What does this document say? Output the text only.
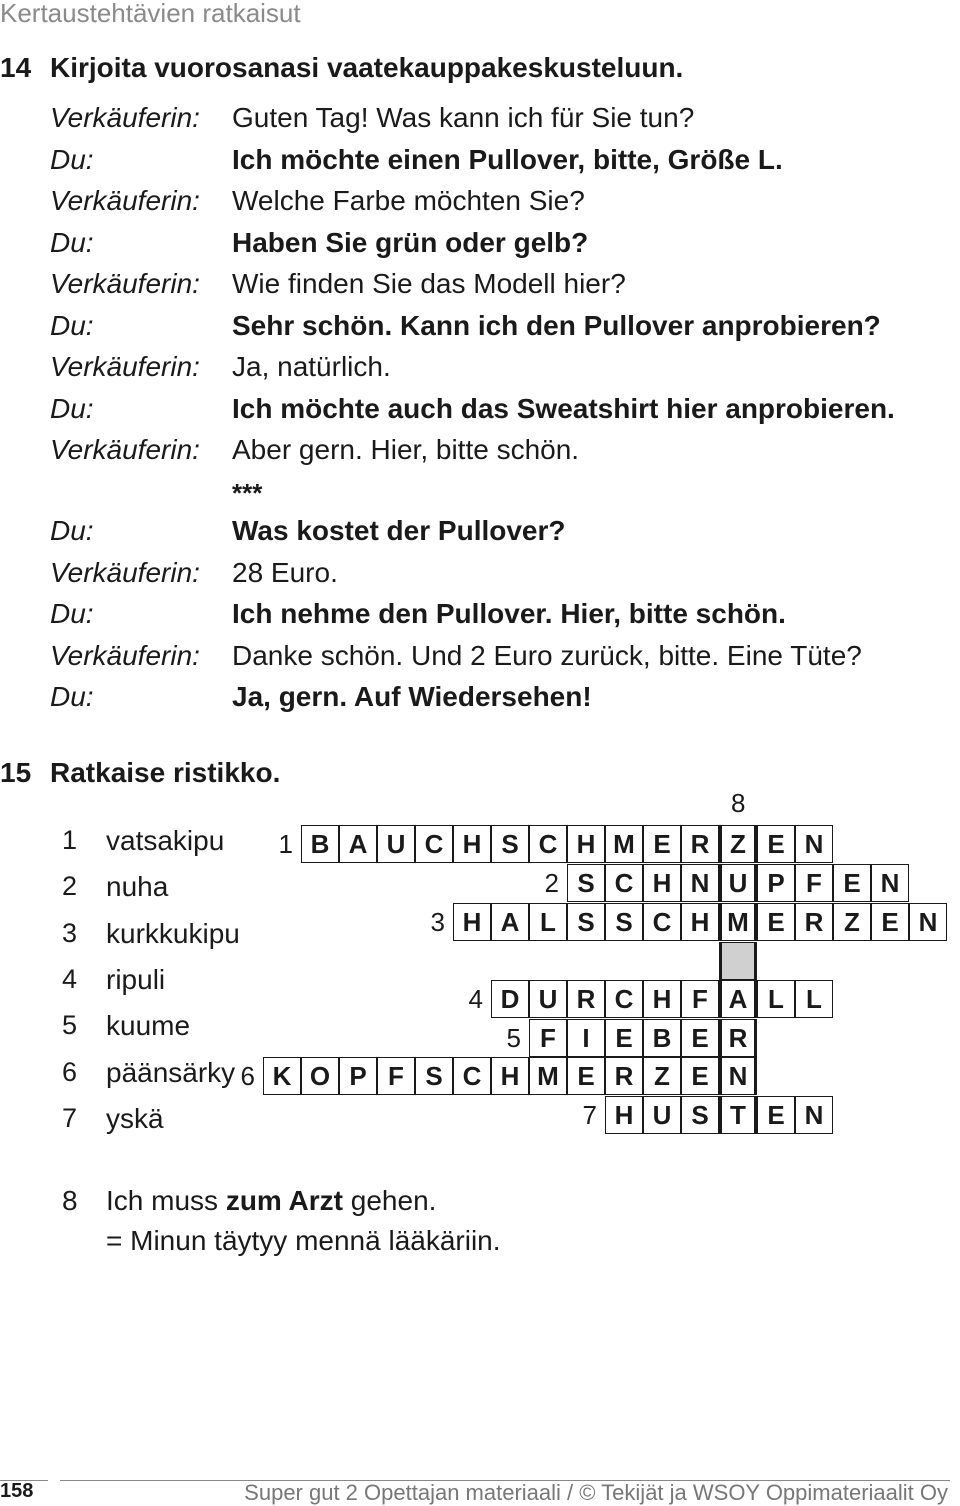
Kertaustehtävien ratkaisut
14 Kirjoita vuorosanasi vaatekauppakeskusteluun.
Verkäuferin: Guten Tag! Was kann ich für Sie tun?
Du:	Ich möchte einen Pullover, bitte, Größe L.
Verkäuferin: Welche Farbe möchten Sie?
Du:	Haben Sie grün oder gelb?
Verkäuferin: Wie finden Sie das Modell hier?
Du:	Sehr schön. Kann ich den Pullover anprobieren?
Verkäuferin: Ja, natürlich.
Du:	Ich möchte auch das Sweatshirt hier anprobieren.
Verkäuferin: Aber gern. Hier, bitte schön.
***
Du:	Was kostet der Pullover?
Verkäuferin: 28 Euro.
Du:	Ich nehme den Pullover. Hier, bitte schön.
Verkäuferin: Danke schön. Und 2 Euro zurück, bitte. Eine Tüte?
Du:	Ja, gern. Auf Wiedersehen!
15 Ratkaise ristikko.
1 vatsakipu
2 nuha
3 kurkkukipu
4 ripuli
5 kuume
6 päänsärky
7 yskä
8
1 B A U C H S C H M E R Z E N
2 S C H N U P F E N
3 H A L S S C H M E R Z E N
4 D U R C H F A L L
5 F	I E B E R
6 K O P F S C H M E R Z E N
7 H U S T E N
8 Ich muss zum Arzt gehen.
= Minun täytyy mennä lääkäriin.
158	Super gut 2 Opettajan materiaali / © Tekijät ja WSOY Oppimateriaalit Oy
